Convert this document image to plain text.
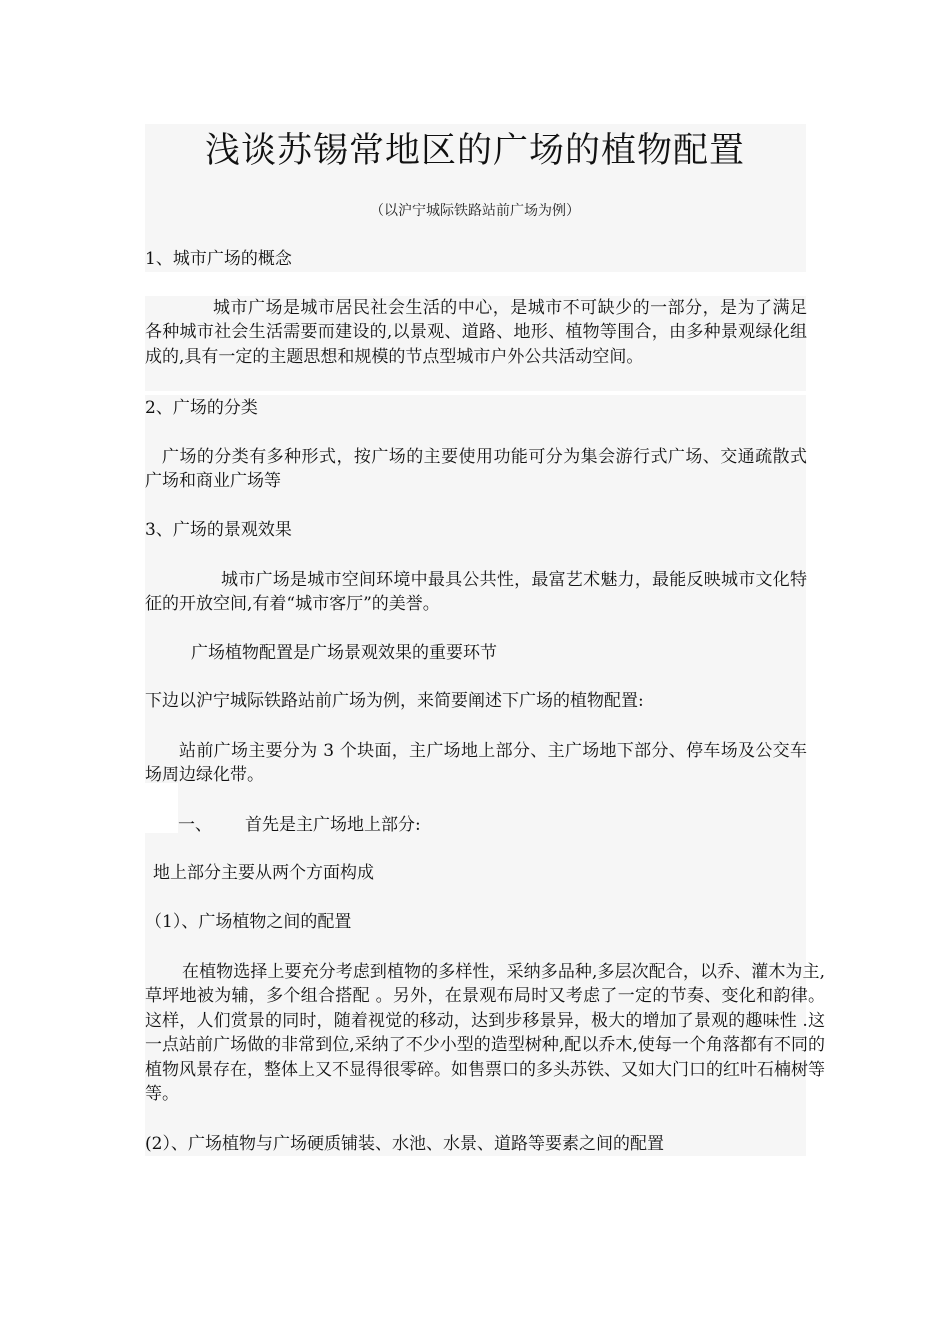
浅谈苏锡常地区的广场的植物配置

（以沪宁城际铁路站前广场为例）

1、城市广场的概念

城市广场是城市居民社会生活的中心，是城市不可缺少的一部分，是为了满足各种城市社会生活需要而建设的,以景观、道路、地形、植物等围合，由多种景观绿化组成的,具有一定的主题思想和规模的节点型城市户外公共活动空间。

2、广场的分类

广场的分类有多种形式，按广场的主要使用功能可分为集会游行式广场、交通疏散式广场和商业广场等

3、广场的景观效果

城市广场是城市空间环境中最具公共性，最富艺术魅力，最能反映城市文化特征的开放空间,有着“城市客厅”的美誉。

广场植物配置是广场景观效果的重要环节

下边以沪宁城际铁路站前广场为例，来简要阐述下广场的植物配置:

站前广场主要分为 3 个块面，主广场地上部分、主广场地下部分、停车场及公交车场周边绿化带。

一、 首先是主广场地上部分:

地上部分主要从两个方面构成

（1）、广场植物之间的配置

在植物选择上要充分考虑到植物的多样性，采纳多品种,多层次配合，以乔、灌木为主,草坪地被为辅，多个组合搭配 。另外，在景观布局时又考虑了一定的节奏、变化和韵律。这样，人们赏景的同时，随着视觉的移动，达到步移景异，极大的增加了景观的趣味性 .这一点站前广场做的非常到位,采纳了不少小型的造型树种,配以乔木,使每一个角落都有不同的植物风景存在，整体上又不显得很零碎。如售票口的多头苏铁、又如大门口的红叶石楠树等等。

(2）、广场植物与广场硬质铺装、水池、水景、道路等要素之间的配置
